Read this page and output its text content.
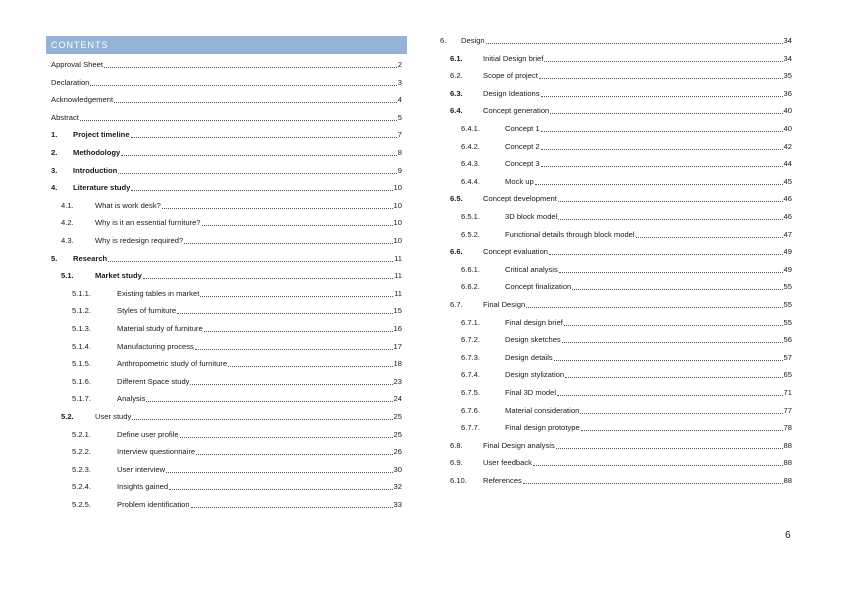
CONTENTS
Approval Sheet	2
Declaration	3
Acknowledgement	4
Abstract	5
1.	Project timeline	7
2.	Methodology	8
3.	Introduction	9
4.	Literature study	10
4.1.	What is work desk?	10
4.2.	Why is it an essential furniture?	10
4.3.	Why is redesign required?	10
5.	Research	11
5.1.	Market study	11
5.1.1.	Existing tables in market	11
5.1.2.	Styles of furniture	15
5.1.3.	Material study of furniture	16
5.1.4.	Manufacturing process	17
5.1.5.	Anthropometric study of furniture	18
5.1.6.	Different Space study	23
5.1.7.	Analysis	24
5.2.	User study	25
5.2.1.	Define user profile	25
5.2.2.	Interview questionnaire	26
5.2.3.	User interview	30
5.2.4.	Insights gained	32
5.2.5.	Problem identification	33
6.	Design	34
6.1.	Initial Design brief	34
6.2.	Scope of project	35
6.3.	Design Ideations	36
6.4.	Concept generation	40
6.4.1.	Concept 1	40
6.4.2.	Concept 2	42
6.4.3.	Concept 3	44
6.4.4.	Mock up	45
6.5.	Concept development	46
6.5.1.	3D block model	46
6.5.2.	Functional details through block model	47
6.6.	Concept evaluation	49
6.6.1.	Critical analysis	49
6.6.2.	Concept finalization	55
6.7.	Final Design	55
6.7.1.	Final design brief	55
6.7.2.	Design sketches	56
6.7.3.	Design details	57
6.7.4.	Design stylization	65
6.7.5.	Final 3D model	71
6.7.6.	Material consideration	77
6.7.7.	Final design prototype	78
6.8.	Final Design analysis	88
6.9.	User feedback	88
6.10.	References	88
6
